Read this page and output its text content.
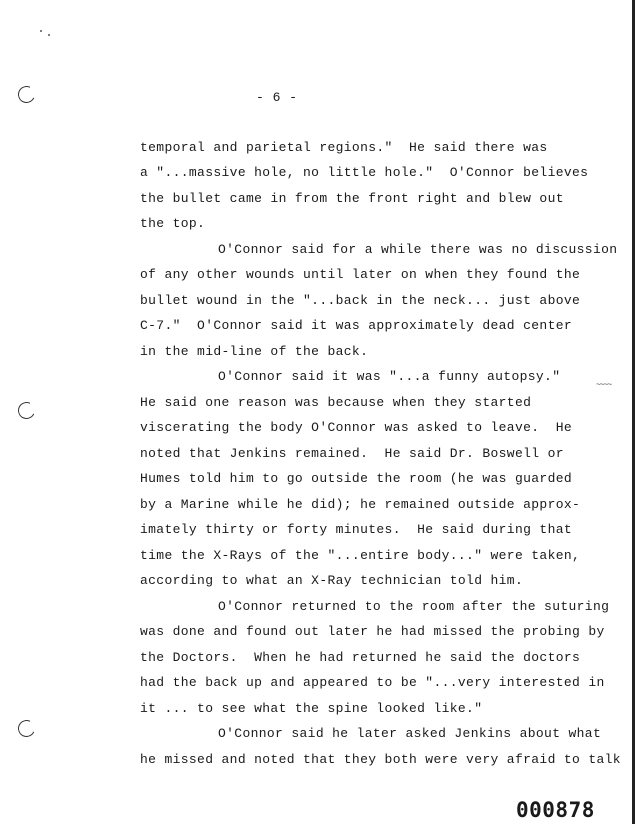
- 6 -
temporal and parietal regions."  He said there was
a "...massive hole, no little hole."  O'Connor believes
the bullet came in from the front right and blew out
the top.
O'Connor said for a while there was no discussion
of any other wounds until later on when they found the
bullet wound in the "...back in the neck... just above
C-7."  O'Connor said it was approximately dead center
in the mid-line of the back.
O'Connor said it was "...a funny autopsy."
He said one reason was because when they started
viscerating the body O'Connor was asked to leave.  He
noted that Jenkins remained.  He said Dr. Boswell or
Humes told him to go outside the room (he was guarded
by a Marine while he did); he remained outside approx-
imately thirty or forty minutes.  He said during that
time the X-Rays of the "...entire body..." were taken,
according to what an X-Ray technician told him.
O'Connor returned to the room after the suturing
was done and found out later he had missed the probing by
the Doctors.  When he had returned he said the doctors
had the back up and appeared to be "...very interested in
it ... to see what the spine looked like."
O'Connor said he later asked Jenkins about what
he missed and noted that they both were very afraid to talk
~~~~
000878
